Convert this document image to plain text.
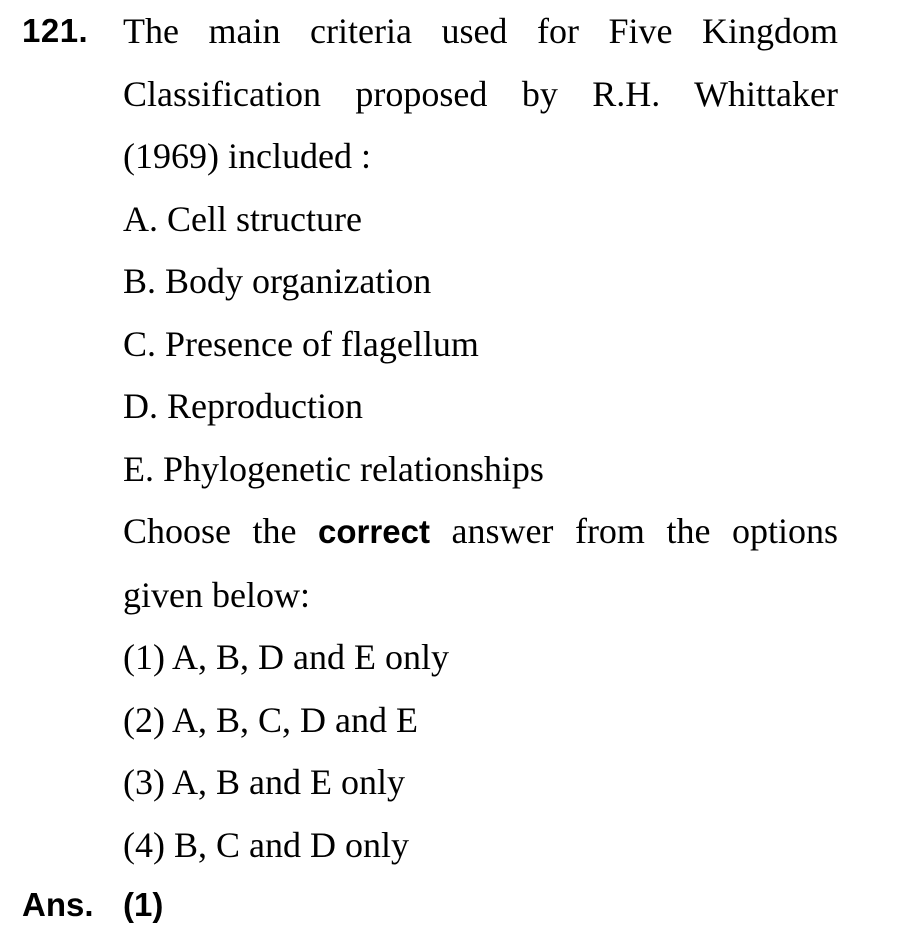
121. The main criteria used for Five Kingdom Classification proposed by R.H. Whittaker (1969) included :

A. Cell structure
B. Body organization
C. Presence of flagellum
D. Reproduction
E. Phylogenetic relationships

Choose the correct answer from the options given below:

(1) A, B, D and E only
(2) A, B, C, D and E
(3) A, B and E only
(4) B, C and D only
Ans. (1)
